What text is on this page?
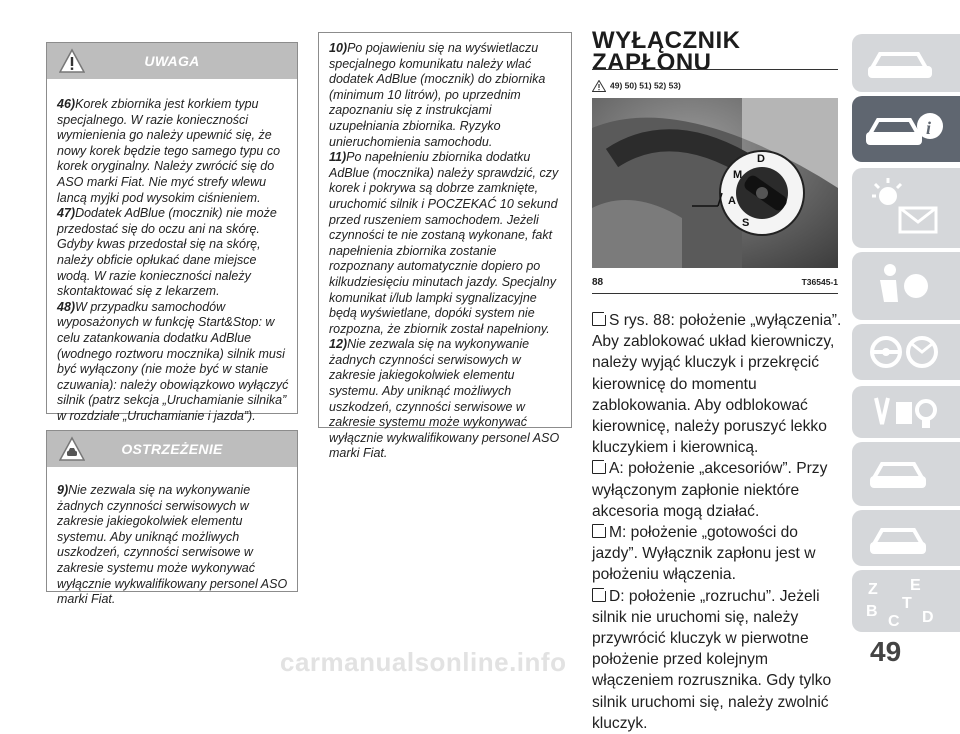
UWAGA

46)Korek zbiornika jest korkiem typu specjalnego. W razie konieczności wymienienia go należy upewnić się, że nowy korek będzie tego samego typu co korek oryginalny. Należy zwrócić się do ASO marki Fiat. Nie myć strefy wlewu lancą myjki pod wysokim ciśnieniem.

47)Dodatek AdBlue (mocznik) nie może przedostać się do oczu ani na skórę. Gdyby kwas przedostał się na skórę, należy obficie opłukać dane miejsce wodą. W razie konieczności należy skontaktować się z lekarzem.

48)W przypadku samochodów wyposażonych w funkcję Start&Stop: w celu zatankowania dodatku AdBlue (wodnego roztworu mocznika) silnik musi być wyłączony (nie może być w stanie czuwania): należy obowiązkowo wyłączyć silnik (patrz sekcja „Uruchamianie silnika” w rozdziale „Uruchamianie i jazda”).

OSTRZEŻENIE

9)Nie zezwala się na wykonywanie żadnych czynności serwisowych w zakresie jakiegokolwiek elementu systemu. Aby uniknąć możliwych uszkodzeń, czynności serwisowe w zakresie systemu może wykonywać wyłącznie wykwalifikowany personel ASO marki Fiat.

10)Po pojawieniu się na wyświetlaczu specjalnego komunikatu należy wlać dodatek AdBlue (mocznik) do zbiornika (minimum 10 litrów), po uprzednim zapoznaniu się z instrukcjami uzupełniania zbiornika. Ryzyko unieruchomienia samochodu.

11)Po napełnieniu zbiornika dodatku AdBlue (mocznika) należy sprawdzić, czy korek i pokrywa są dobrze zamknięte, uruchomić silnik i POCZEKAĆ 10 sekund przed ruszeniem samochodem. Jeżeli czynności te nie zostaną wykonane, fakt napełnienia zbiornika zostanie rozpoznany automatycznie dopiero po kilkudziesięciu minutach jazdy. Specjalny komunikat i/lub lampki sygnalizacyjne będą wyświetlane, dopóki system nie rozpozna, że zbiornik został napełniony.

12)Nie zezwala się na wykonywanie żadnych czynności serwisowych w zakresie jakiegokolwiek elementu systemu. Aby uniknąć możliwych uszkodzeń, czynności serwisowe w zakresie systemu może wykonywać wyłącznie wykwalifikowany personel ASO marki Fiat.

WYŁĄCZNIK
ZAPŁONU
49) 50) 51) 52) 53)
D
M
A
S
88	T36545-1

S rys. 88: położenie „wyłączenia”. Aby zablokować układ kierowniczy, należy wyjąć kluczyk i przekręcić kierownicę do momentu zablokowania. Aby odblokować kierownicę, należy poruszyć lekko kluczykiem i kierownicą.

A: położenie „akcesoriów”. Przy wyłączonym zapłonie niektóre akcesoria mogą działać.

M: położenie „gotowości do jazdy”. Wyłącznik zapłonu jest w położeniu włączenia.

D: położenie „rozruchu”. Jeżeli silnik nie uruchomi się, należy przywrócić kluczyk w pierwotne położenie przed kolejnym włączeniem rozrusznika. Gdy tylko silnik uruchomi się, należy zwolnić kluczyk.

i
Z E
B
C
T
D
49
carmanualsonline.info
